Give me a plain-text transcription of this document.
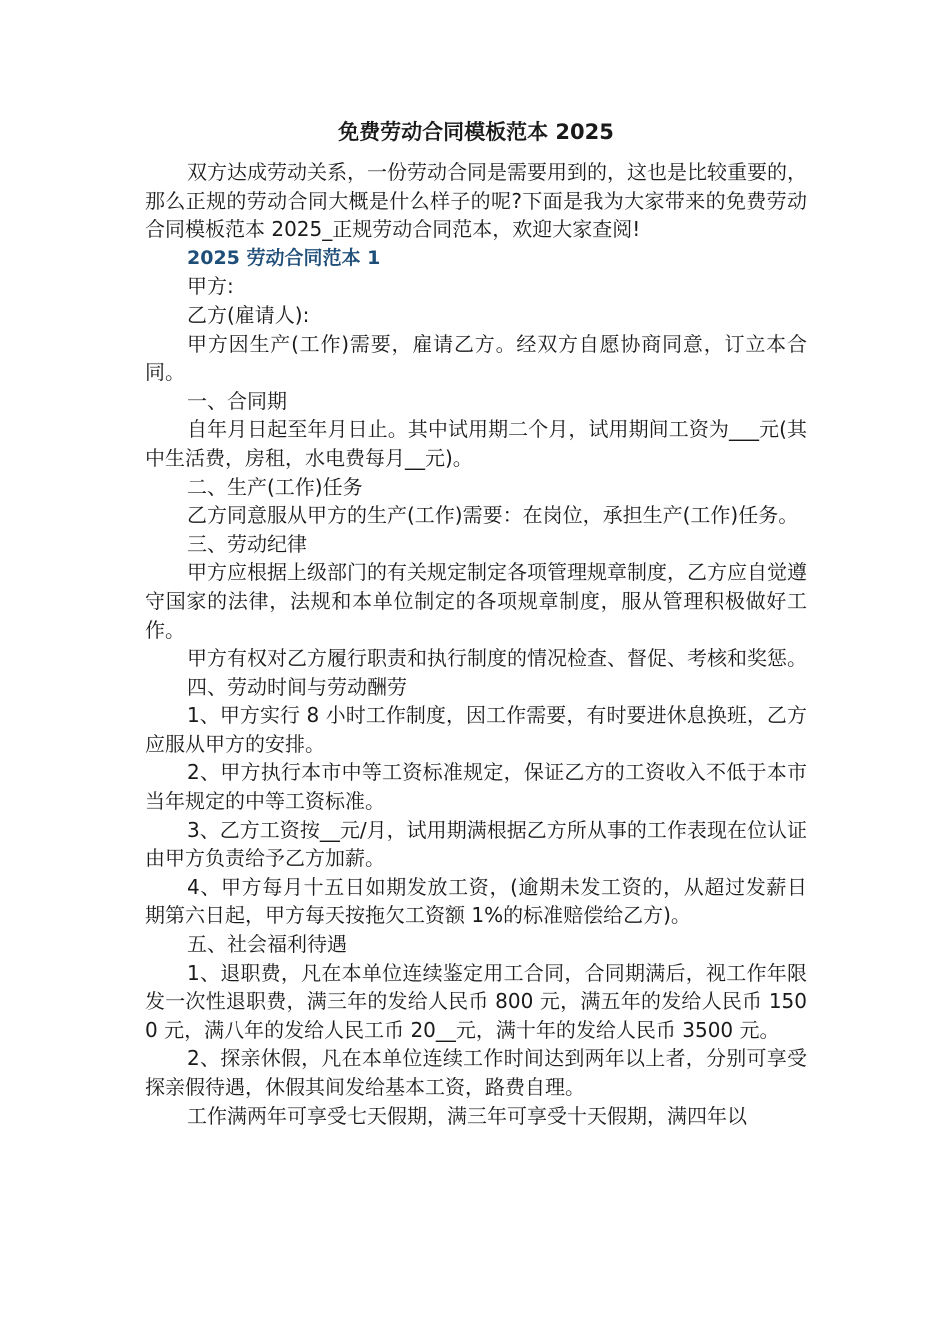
免费劳动合同模板范本 2025

双方达成劳动关系，一份劳动合同是需要用到的，这也是比较重要的，那么正规的劳动合同大概是什么样子的呢?下面是我为大家带来的免费劳动合同模板范本 2025_正规劳动合同范本，欢迎大家查阅!

2025 劳动合同范本 1

甲方:

乙方(雇请人):

甲方因生产(工作)需要，雇请乙方。经双方自愿协商同意，订立本合同。

一、合同期

自年月日起至年月日止。其中试用期二个月，试用期间工资为___元(其中生活费，房租，水电费每月__元)。

二、生产(工作)任务

乙方同意服从甲方的生产(工作)需要：在岗位，承担生产(工作)任务。

三、劳动纪律

甲方应根据上级部门的有关规定制定各项管理规章制度，乙方应自觉遵守国家的法律，法规和本单位制定的各项规章制度，服从管理积极做好工作。

甲方有权对乙方履行职责和执行制度的情况检查、督促、考核和奖惩。

四、劳动时间与劳动酬劳

1、甲方实行 8 小时工作制度，因工作需要，有时要进休息换班，乙方应服从甲方的安排。

2、甲方执行本市中等工资标准规定，保证乙方的工资收入不低于本市当年规定的中等工资标准。

3、乙方工资按__元/月，试用期满根据乙方所从事的工作表现在位认证由甲方负责给予乙方加薪。

4、甲方每月十五日如期发放工资，(逾期未发工资的，从超过发薪日期第六日起，甲方每天按拖欠工资额 1%的标准赔偿给乙方)。

五、社会福利待遇

1、退职费，凡在本单位连续鉴定用工合同，合同期满后，视工作年限发一次性退职费，满三年的发给人民币 800 元，满五年的发给人民币 1500 元，满八年的发给人民工币 20__元，满十年的发给人民币 3500 元。

2、探亲休假，凡在本单位连续工作时间达到两年以上者，分别可享受探亲假待遇，休假其间发给基本工资，路费自理。

工作满两年可享受七天假期，满三年可享受十天假期，满四年以
